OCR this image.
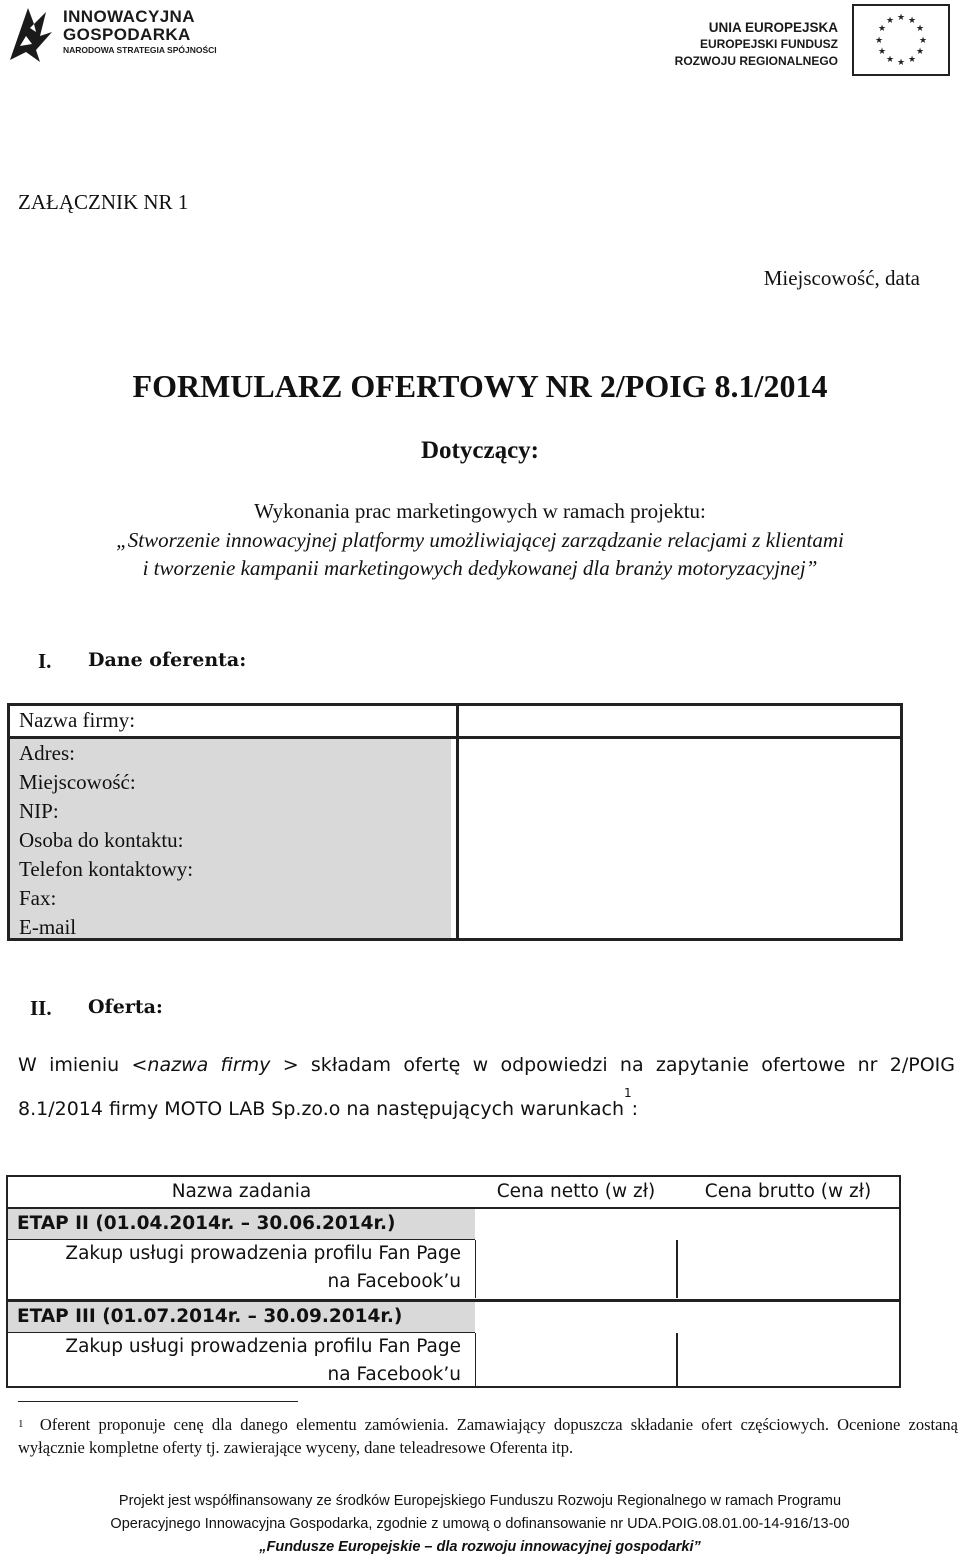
INNOWACYJNA
GOSPODARKA
NARODOWA STRATEGIA SPÓJNOŚCI
UNIA EUROPEJSKA
EUROPEJSKI FUNDUSZ
ROZWOJU REGIONALNEGO
★ ★
★
★
★
★
★
★
★
★
★
★
ZAŁĄCZNIK NR 1
Miejscowość, data
FORMULARZ OFERTOWY NR 2/POIG 8.1/2014
Dotyczący:
Wykonania prac marketingowych w ramach projektu:
„Stworzenie innowacyjnej platformy umożliwiającej zarządzanie relacjami z klientami
i tworzenie kampanii marketingowych dedykowanej dla branży motoryzacyjnej”
I. Dane oferenta:
Nazwa firmy:
Adres:
Miejscowość:
NIP:
Osoba do kontaktu:
Telefon kontaktowy:
Fax:
E-mail
II. Oferta:
W imieniu <nazwa firmy > składam ofertę w odpowiedzi na zapytanie ofertowe nr 2/POIG
8.1/2014 firmy MOTO LAB Sp.zo.o na następujących warunkach$^1$:
Nazwa zadania	Cena netto (w zł)	Cena brutto (w zł)
ETAP II (01.04.2014r. – 30.06.2014r.)
Zakup usługi prowadzenia profilu Fan Page
na Facebook’u
ETAP III (01.07.2014r. – 30.09.2014r.)
Zakup usługi prowadzenia profilu Fan Page
na Facebook’u
$^1$ Oferent proponuje cenę dla danego elementu zamówienia. Zamawiający dopuszcza składanie ofert częściowych. Ocenione zostaną wyłącznie kompletne oferty tj. zawierające wyceny, dane teleadresowe Oferenta itp.
Projekt jest współfinansowany ze środków Europejskiego Funduszu Rozwoju Regionalnego w ramach Programu
Operacyjnego Innowacyjna Gospodarka, zgodnie z umową o dofinansowanie nr UDA.POIG.08.01.00-14-916/13-00
„Fundusze Europejskie – dla rozwoju innowacyjnej gospodarki”
